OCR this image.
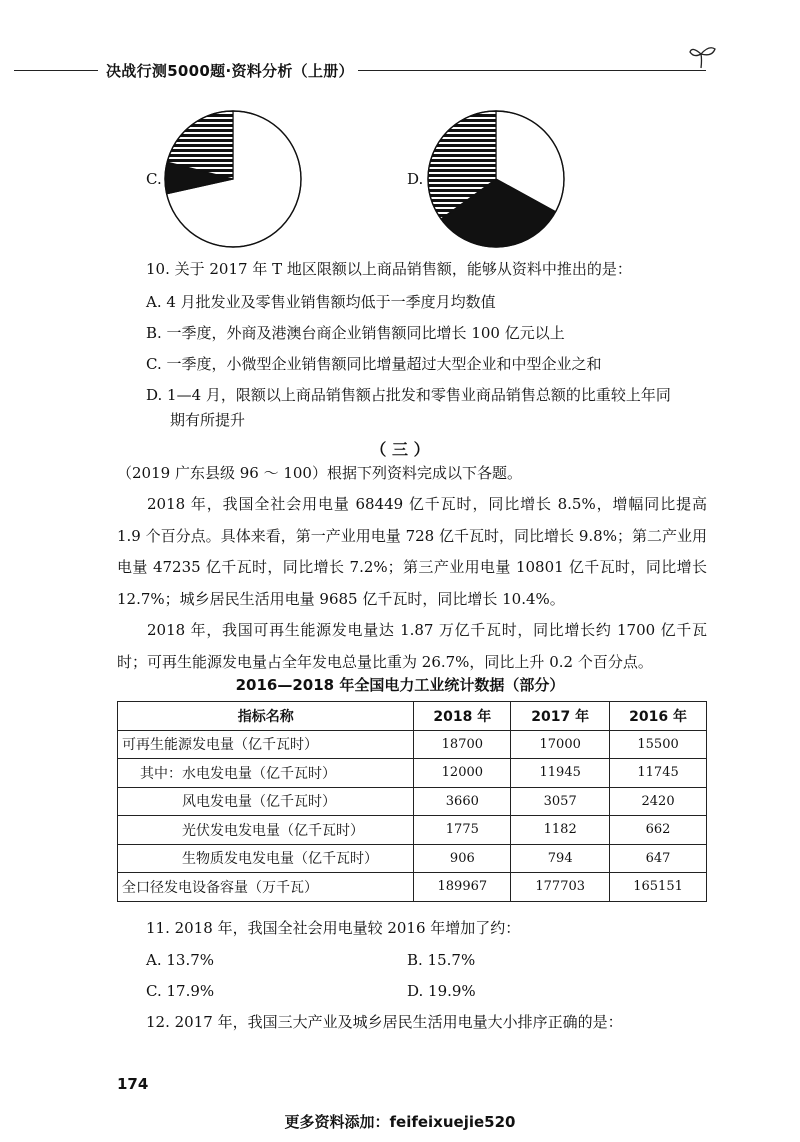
决战行测5000题·资料分析（上册）
C.	D.
10. 关于 2017 年 T 地区限额以上商品销售额，能够从资料中推出的是：
A. 4 月批发业及零售业销售额均低于一季度月均数值
B. 一季度，外商及港澳台商企业销售额同比增长 100 亿元以上
C. 一季度，小微型企业销售额同比增量超过大型企业和中型企业之和
D. 1—4 月，限额以上商品销售额占批发和零售业商品销售总额的比重较上年同
期有所提升
（ 三 ）
（2019 广东县级 96 ～ 100）根据下列资料完成以下各题。
2018 年，我国全社会用电量 68449 亿千瓦时，同比增长 8.5%，增幅同比提高 1.9 个百分点。具体来看，第一产业用电量 728 亿千瓦时，同比增长 9.8%；第二产业用电量 47235 亿千瓦时，同比增长 7.2%；第三产业用电量 10801 亿千瓦时，同比增长 12.7%；城乡居民生活用电量 9685 亿千瓦时，同比增长 10.4%。
2018 年，我国可再生能源发电量达 1.87 万亿千瓦时，同比增长约 1700 亿千瓦时；可再生能源发电量占全年发电总量比重为 26.7%，同比上升 0.2 个百分点。
2016—2018 年全国电力工业统计数据（部分）
指标名称	2018 年	2017 年	2016 年
可再生能源发电量（亿千瓦时）	18700	17000	15500
其中：水电发电量（亿千瓦时）	12000	11945	11745
风电发电量（亿千瓦时）	3660	3057	2420
光伏发电发电量（亿千瓦时）	1775	1182	662
生物质发电发电量（亿千瓦时）	906	794	647
全口径发电设备容量（万千瓦）	189967	177703	165151
11. 2018 年，我国全社会用电量较 2016 年增加了约：
A. 13.7%	B. 15.7%
C. 17.9%	D. 19.9%
12. 2017 年，我国三大产业及城乡居民生活用电量大小排序正确的是：
174
更多资料添加：feifeixuejie520
